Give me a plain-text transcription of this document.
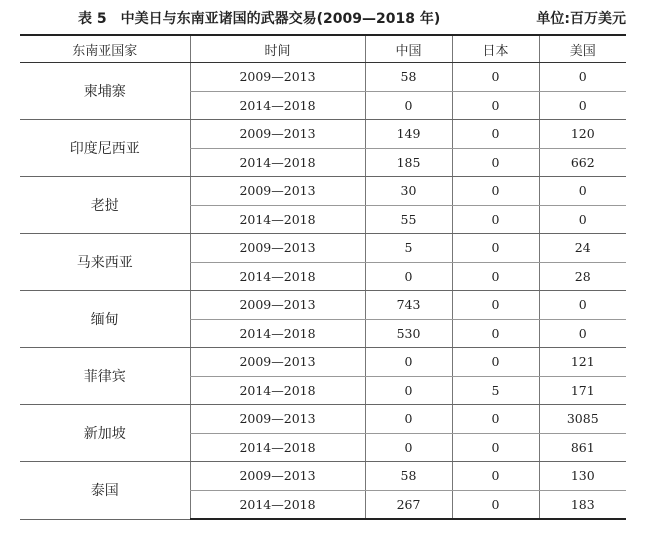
表 5　中美日与东南亚诸国的武器交易(2009—2018 年)	单位:百万美元
东南亚国家	时间	中国	日本	美国
柬埔寨	2009—2013	58	0	0
	2014—2018	0	0	0
印度尼西亚	2009—2013	149	0	120
	2014—2018	185	0	662
老挝	2009—2013	30	0	0
	2014—2018	55	0	0
马来西亚	2009—2013	5	0	24
	2014—2018	0	0	28
缅甸	2009—2013	743	0	0
	2014—2018	530	0	0
菲律宾	2009—2013	0	0	121
	2014—2018	0	5	171
新加坡	2009—2013	0	0	3085
	2014—2018	0	0	861
泰国	2009—2013	58	0	130
	2014—2018	267	0	183
